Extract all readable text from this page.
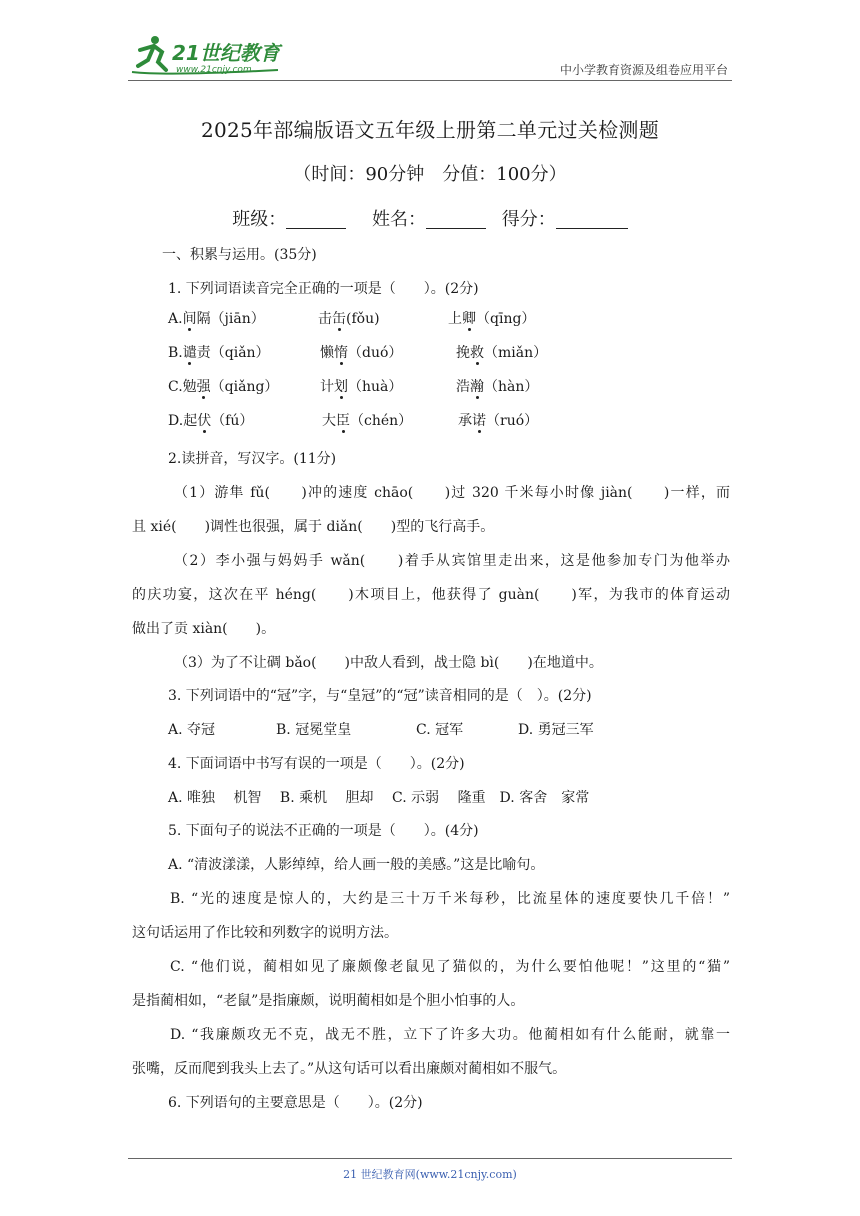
21世纪教育
www.21cnjy.com	中小学教育资源及组卷应用平台
2025年部编版语文五年级上册第二单元过关检测题
（时间：90分钟　分值：100分）
班级：	姓名：	得分：
一、积累与运用。(35分)
1. 下列词语读音完全正确的一项是（　　）。(2分)
A.间隔（jiān）	击缶(fǒu)	上卿（qīng）
B.谴责（qiǎn）	懒惰（duó）	挽救（miǎn）
C.勉强（qiǎng）	计划（huà）	浩瀚（hàn）
D.起伏（fú）	大臣（chén）	承诺（ruó）
2.读拼音，写汉字。(11分)
（1）游隼 fǔ(　　)冲的速度 chāo(　　)过 320 千米每小时像 jiàn(　　)一样，而
且 xié(　　)调性也很强，属于 diǎn(　　)型的飞行高手。
（2）李小强与妈妈手 wǎn(　　)着手从宾馆里走出来，这是他参加专门为他举办
的庆功宴，这次在平 héng(　　)木项目上，他获得了 guàn(　　)军，为我市的体育运动
做出了贡 xiàn(　　)。
（3）为了不让碉 bǎo(　　)中敌人看到，战士隐 bì(　　)在地道中。
3. 下列词语中的“冠”字，与“皇冠”的“冠”读音相同的是（　）。(2分)
A. 夺冠	B. 冠冕堂皇	C. 冠军	D. 勇冠三军
4. 下面词语中书写有误的一项是（　　）。(2分)
A. 唯独　 机智　 B. 乘机　 胆却　 C. 示弱　 隆重　D. 客舍　家常
5. 下面句子的说法不正确的一项是（　　）。(4分)
A. “清波漾漾，人影绰绰，给人画一般的美感。”这是比喻句。
B. “光的速度是惊人的，大约是三十万千米每秒，比流星体的速度要快几千倍！”
这句话运用了作比较和列数字的说明方法。
C. “他们说，蔺相如见了廉颇像老鼠见了猫似的，为什么要怕他呢！”这里的“猫”
是指蔺相如，“老鼠”是指廉颇，说明蔺相如是个胆小怕事的人。
D. “我廉颇攻无不克，战无不胜，立下了许多大功。他蔺相如有什么能耐，就靠一
张嘴，反而爬到我头上去了。”从这句话可以看出廉颇对蔺相如不服气。
6. 下列语句的主要意思是（　　）。(2分)
21 世纪教育网(www.21cnjy.com)
